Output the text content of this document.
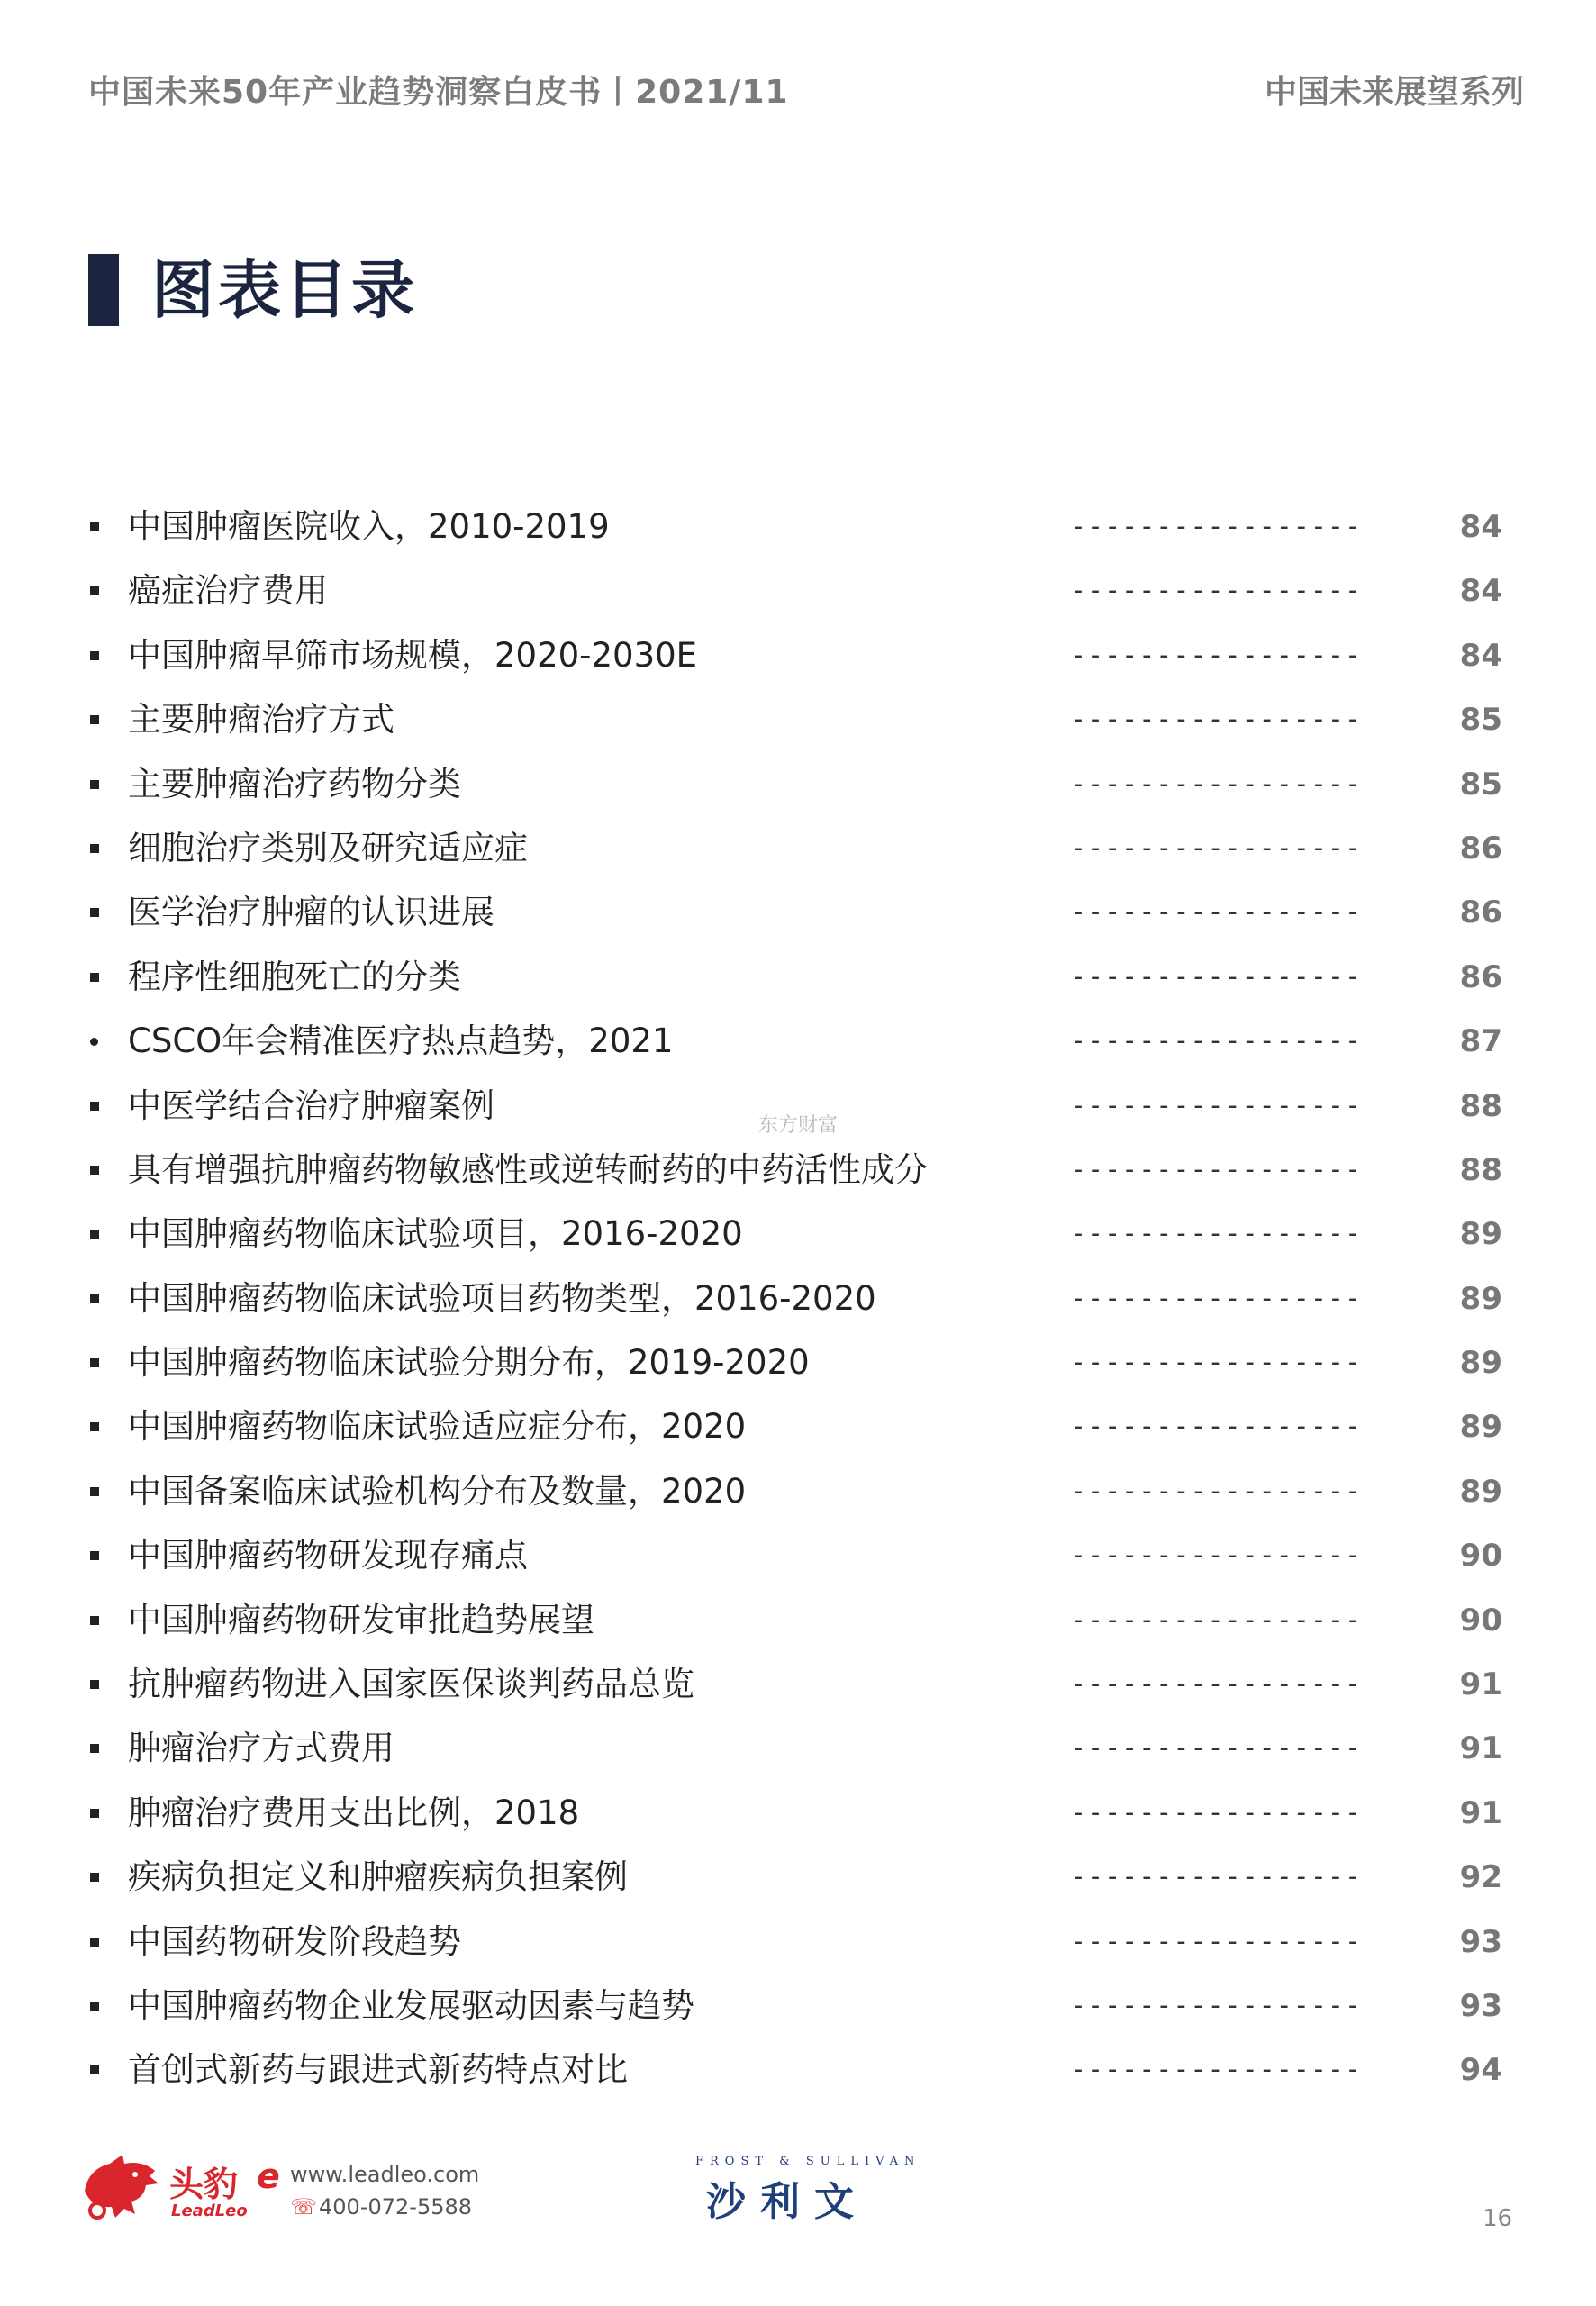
中国未来50年产业趋势洞察白皮书丨2021/11	中国未来展望系列
图表目录
中国肿瘤医院收入，2010-2019	-----------------	84
癌症治疗费用	-----------------	84
中国肿瘤早筛市场规模，2020-2030E	-----------------	84
主要肿瘤治疗方式	-----------------	85
主要肿瘤治疗药物分类	-----------------	85
细胞治疗类别及研究适应症	-----------------	86
医学治疗肿瘤的认识进展	-----------------	86
程序性细胞死亡的分类	-----------------	86
CSCO年会精准医疗热点趋势，2021	-----------------	87
中医学结合治疗肿瘤案例	-----------------	88
具有增强抗肿瘤药物敏感性或逆转耐药的中药活性成分	-----------------	88
中国肿瘤药物临床试验项目，2016-2020	-----------------	89
中国肿瘤药物临床试验项目药物类型，2016-2020	-----------------	89
中国肿瘤药物临床试验分期分布，2019-2020	-----------------	89
中国肿瘤药物临床试验适应症分布，2020	-----------------	89
中国备案临床试验机构分布及数量，2020	-----------------	89
中国肿瘤药物研发现存痛点	-----------------	90
中国肿瘤药物研发审批趋势展望	-----------------	90
抗肿瘤药物进入国家医保谈判药品总览	-----------------	91
肿瘤治疗方式费用	-----------------	91
肿瘤治疗费用支出比例，2018	-----------------	91
疾病负担定义和肿瘤疾病负担案例	-----------------	92
中国药物研发阶段趋势	-----------------	93
中国肿瘤药物企业发展驱动因素与趋势	-----------------	93
首创式新药与跟进式新药特点对比	-----------------	94
东方财富
头豹
LeadLeo
e www.leadleo.com
☏400-072-5588
FROST & SULLIVAN
沙利文	16
